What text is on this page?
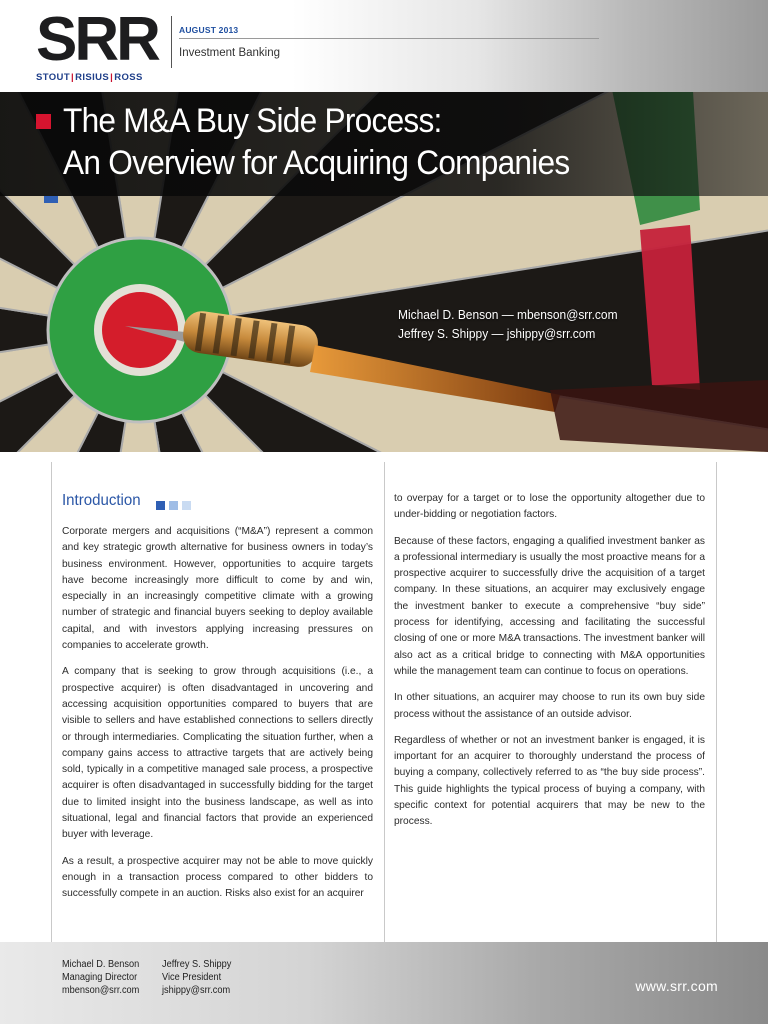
SRR
STOUT|RISIUS|ROSS
AUGUST 2013
Investment Banking
The M&A Buy Side Process:
An Overview for Acquiring Companies
Michael D. Benson — mbenson@srr.com
Jeffrey S. Shippy — jshippy@srr.com
Introduction

Corporate mergers and acquisitions (“M&A”) represent a common and key strategic growth alternative for business owners in today’s business environment. However, opportunities to acquire targets have become increasingly more difficult to come by and win, especially in an increasingly competitive climate with a growing number of strategic and financial buyers seeking to deploy available capital, and with investors applying increasing pressures on companies to accelerate growth.

A company that is seeking to grow through acquisitions (i.e., a prospective acquirer) is often disadvantaged in uncovering and accessing acquisition opportunities compared to buyers that are visible to sellers and have established connections to sellers directly or through intermediaries. Complicating the situation further, when a company gains access to attractive targets that are actively being sold, typically in a competitive managed sale process, a prospective acquirer is often disadvantaged in successfully bidding for the target due to limited insight into the business landscape, as well as into situational, legal and financial factors that provide an experienced buyer with leverage.

As a result, a prospective acquirer may not be able to move quickly enough in a transaction process compared to other bidders to successfully compete in an auction. Risks also exist for an acquirer

to overpay for a target or to lose the opportunity altogether due to under-bidding or negotiation factors.

Because of these factors, engaging a qualified investment banker as a professional intermediary is usually the most proactive means for a prospective acquirer to successfully drive the acquisition of a target company. In these situations, an acquirer may exclusively engage the investment banker to execute a comprehensive “buy side” process for identifying, accessing and facilitating the successful closing of one or more M&A transactions. The investment banker will also act as a critical bridge to connecting with M&A opportunities while the management team can continue to focus on operations.

In other situations, an acquirer may choose to run its own buy side process without the assistance of an outside advisor.

Regardless of whether or not an investment banker is engaged, it is important for an acquirer to thoroughly understand the process of buying a company, collectively referred to as “the buy side process”. This guide highlights the typical process of buying a company, with specific context for potential acquirers that may be new to the process.

Michael D. Benson
Managing Director
mbenson@srr.com
Jeffrey S. Shippy
Vice President
jshippy@srr.com	www.srr.com
